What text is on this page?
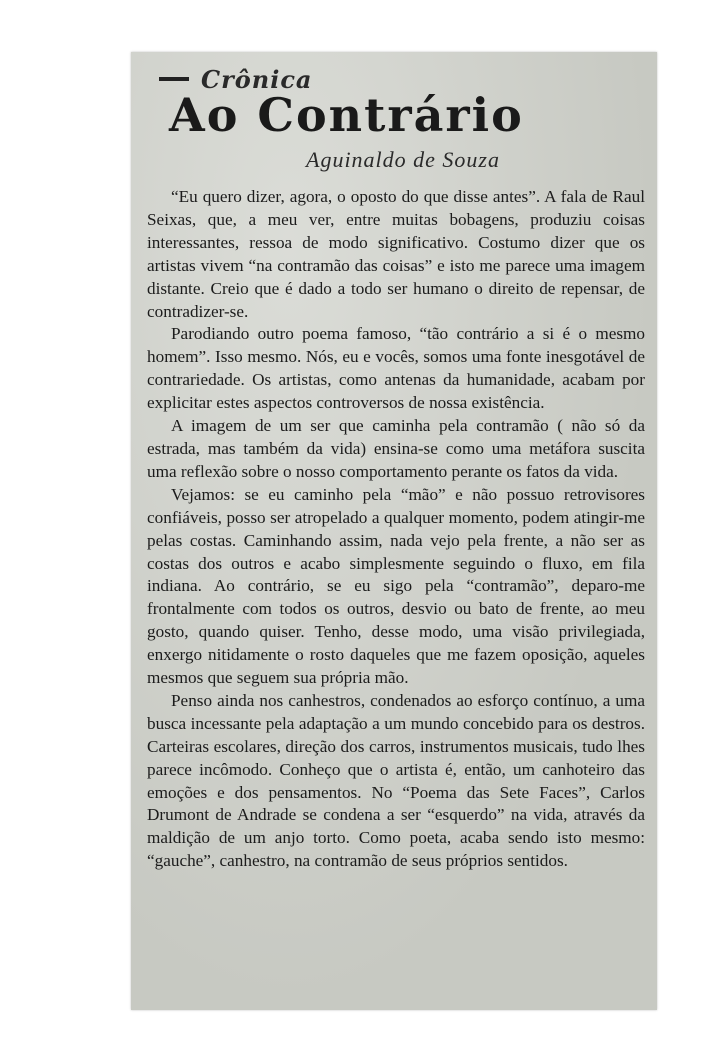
Crônica
Ao Contrário
Aguinaldo de Souza

“Eu quero dizer, agora, o oposto do que disse antes”. A fala de Raul Seixas, que, a meu ver, entre muitas bobagens, produziu coisas interessantes, ressoa de modo significativo. Costumo dizer que os artistas vivem “na contramão das coisas” e isto me parece uma imagem distante. Creio que é dado a todo ser humano o direito de repensar, de contradizer-se.

Parodiando outro poema famoso, “tão contrário a si é o mesmo homem”. Isso mesmo. Nós, eu e vocês, somos uma fonte inesgotável de contrariedade. Os artistas, como antenas da humanidade, acabam por explicitar estes aspectos controversos de nossa existência.

A imagem de um ser que caminha pela contramão ( não só da estrada, mas também da vida) ensina-se como uma metáfora suscita uma reflexão sobre o nosso comportamento perante os fatos da vida.

Vejamos: se eu caminho pela “mão” e não possuo retrovisores confiáveis, posso ser atropelado a qualquer momento, podem atingir-me pelas costas. Caminhando assim, nada vejo pela frente, a não ser as costas dos outros e acabo simplesmente seguindo o fluxo, em fila indiana. Ao contrário, se eu sigo pela “contramão”, deparo-me frontalmente com todos os outros, desvio ou bato de frente, ao meu gosto, quando quiser. Tenho, desse modo, uma visão privilegiada, enxergo nitidamente o rosto daqueles que me fazem oposição, aqueles mesmos que seguem sua própria mão.

Penso ainda nos canhestros, condenados ao esforço contínuo, a uma busca incessante pela adaptação a um mundo concebido para os destros. Carteiras escolares, direção dos carros, instrumentos musicais, tudo lhes parece incômodo. Conheço que o artista é, então, um canhoteiro das emoções e dos pensamentos. No “Poema das Sete Faces”, Carlos Drumont de Andrade se condena a ser “esquerdo” na vida, através da maldição de um anjo torto. Como poeta, acaba sendo isto mesmo: “gauche”, canhestro, na contramão de seus próprios sentidos.
